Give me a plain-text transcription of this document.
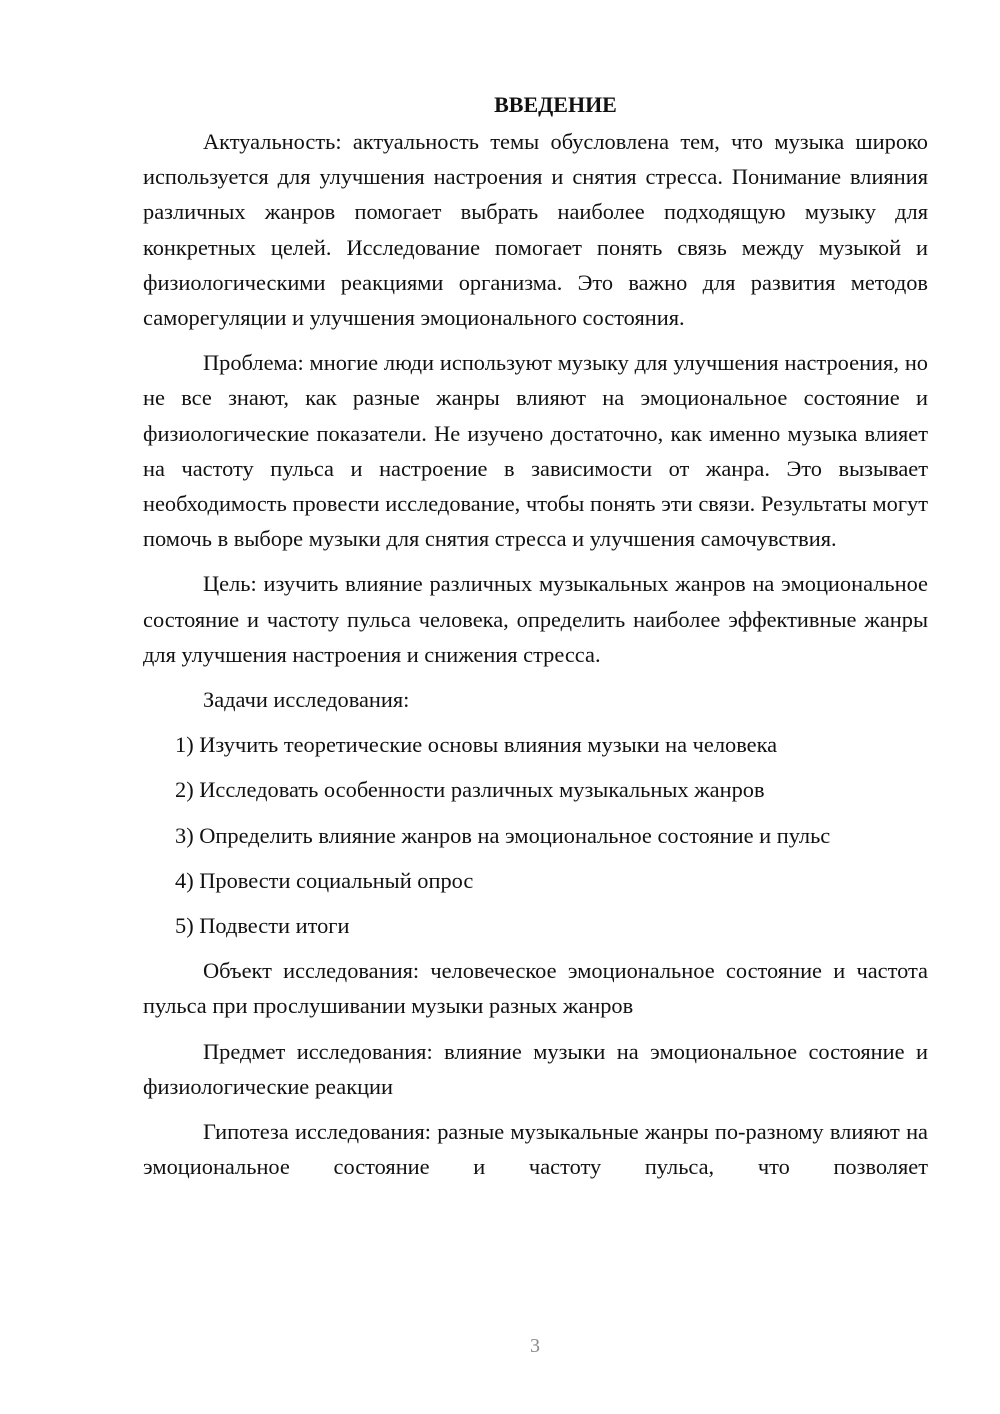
ВВЕДЕНИЕ

Актуальность: актуальность темы обусловлена тем, что музыка широко используется для улучшения настроения и снятия стресса. Понимание влияния различных жанров помогает выбрать наиболее подходящую музыку для конкретных целей. Исследование помогает понять связь между музыкой и физиологическими реакциями организма. Это важно для развития методов саморегуляции и улучшения эмоционального состояния.

Проблема: многие люди используют музыку для улучшения настроения, но не все знают, как разные жанры влияют на эмоциональное состояние и физиологические показатели. Не изучено достаточно, как именно музыка влияет на частоту пульса и настроение в зависимости от жанра. Это вызывает необходимость провести исследование, чтобы понять эти связи. Результаты могут помочь в выборе музыки для снятия стресса и улучшения самочувствия.

Цель: изучить влияние различных музыкальных жанров на эмоциональное состояние и частоту пульса человека, определить наиболее эффективные жанры для улучшения настроения и снижения стресса.

Задачи исследования:

1) Изучить теоретические основы влияния музыки на человека

2) Исследовать особенности различных музыкальных жанров

3) Определить влияние жанров на эмоциональное состояние и пульс

4) Провести социальный опрос

5) Подвести итоги

Объект исследования: человеческое эмоциональное состояние и частота пульса при прослушивании музыки разных жанров

Предмет исследования: влияние музыки на эмоциональное состояние и физиологические реакции

Гипотеза исследования: разные музыкальные жанры по-разному влияют на эмоциональное состояние и частоту пульса, что позволяет

3
